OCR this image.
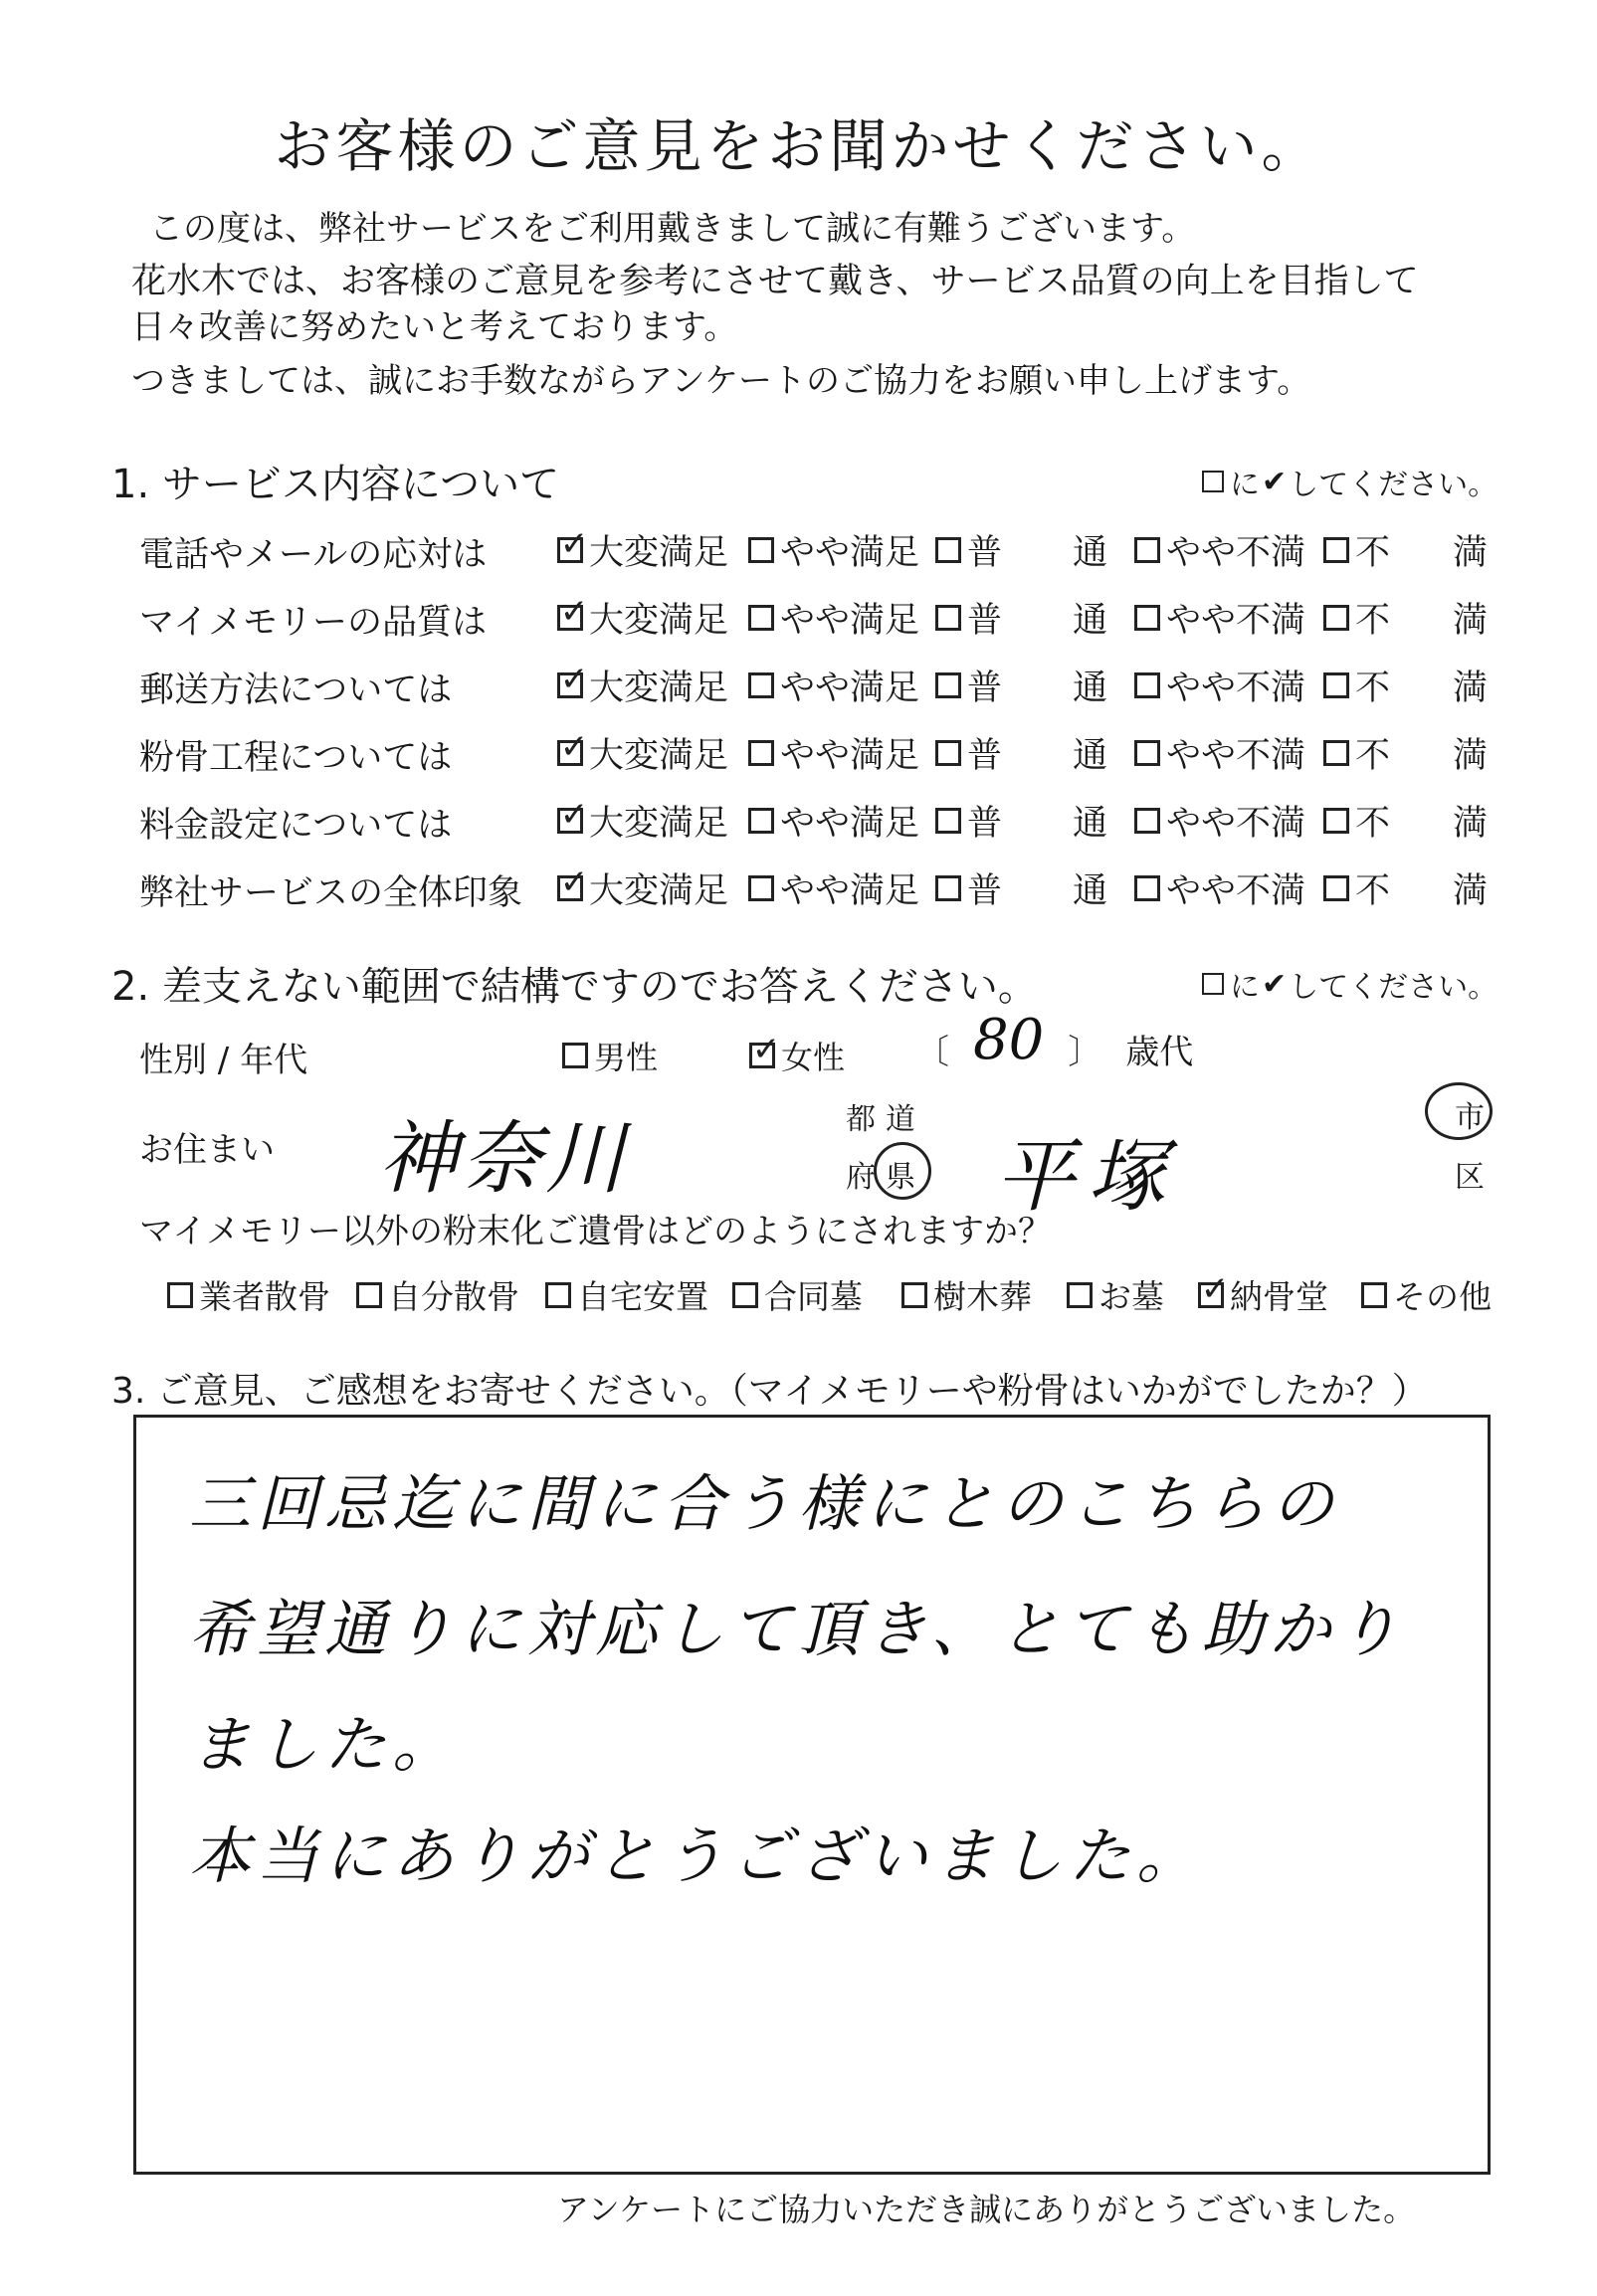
お客様のご意見をお聞かせください。
この度は、弊社サービスをご利用戴きまして誠に有難うございます。
花水木では、お客様のご意見を参考にさせて戴き、サービス品質の向上を目指して
日々改善に努めたいと考えております。
つきましては、誠にお手数ながらアンケートのご協力をお願い申し上げます。
1. サービス内容について	に ✔ してください。
電話やメールの応対は ✓ 大変満足 やや満足 普 通 やや不満 不 満
マイメモリーの品質は ✓ 大変満足 やや満足 普 通 やや不満 不 満
郵送方法については	✓ 大変満足 やや満足 普 通 やや不満 不 満
粉骨工程については	✓ 大変満足 やや満足 普 通 やや不満 不 満
料金設定については	✓ 大変満足 やや満足 普 通 やや不満 不 満
弊社サービスの全体印象 ✓ 大変満足 やや満足 普 通 やや不満 不 満
2. 差支えない範囲で結構ですのでお答えください。	に ✔ してください。
性別 / 年代	男性	✓ 女性 〔 80 〕 歳代
お住まい 神奈川	都 道
府 県 平塚
市
区
マイメモリー以外の粉末化ご遺骨はどのようにされますか？
業者散骨 自分散骨 自宅安置 合同墓 樹木葬 お墓 ✓ 納骨堂 その他
3. ご意見、ご感想をお寄せください。（マイメモリーや粉骨はいかがでしたか？）
三回忌迄に間に合う様にとのこちらの
希望通りに対応して頂き、とても助かり
ました。
本当にありがとうございました。
アンケートにご協力いただき誠にありがとうございました。
